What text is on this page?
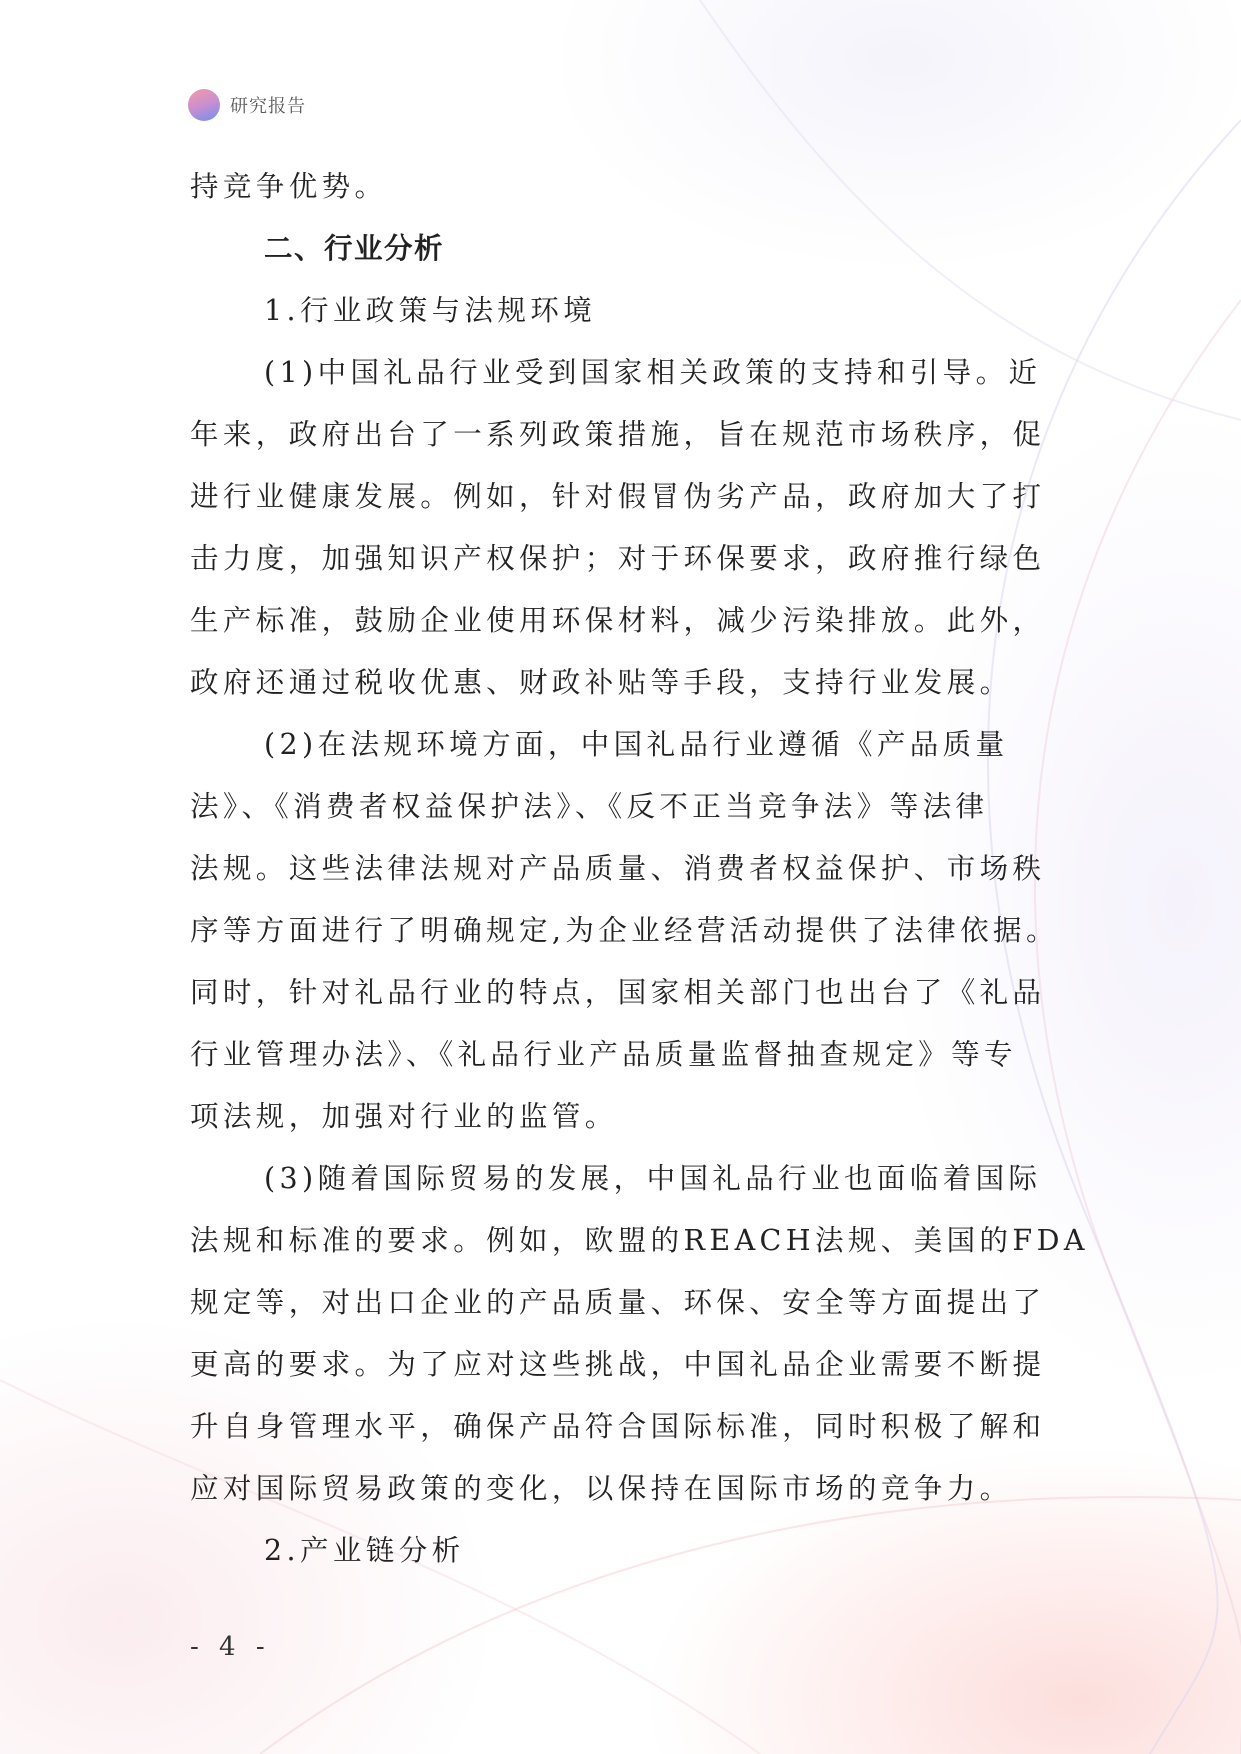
研究报告
持竞争优势。
二、行业分析
1.行业政策与法规环境
(1)中国礼品行业受到国家相关政策的支持和引导。近
年来，政府出台了一系列政策措施，旨在规范市场秩序，促
进行业健康发展。例如，针对假冒伪劣产品，政府加大了打
击力度，加强知识产权保护；对于环保要求，政府推行绿色
生产标准，鼓励企业使用环保材料，减少污染排放。此外，
政府还通过税收优惠、财政补贴等手段，支持行业发展。
(2)在法规环境方面，中国礼品行业遵循《产品质量
法》、《消费者权益保护法》、《反不正当竞争法》等法律
法规。这些法律法规对产品质量、消费者权益保护、市场秩
序等方面进行了明确规定,为企业经营活动提供了法律依据。
同时，针对礼品行业的特点，国家相关部门也出台了《礼品
行业管理办法》、《礼品行业产品质量监督抽查规定》等专
项法规，加强对行业的监管。
(3)随着国际贸易的发展，中国礼品行业也面临着国际
法规和标准的要求。例如，欧盟的REACH法规、美国的FDA
规定等，对出口企业的产品质量、环保、安全等方面提出了
更高的要求。为了应对这些挑战，中国礼品企业需要不断提
升自身管理水平，确保产品符合国际标准，同时积极了解和
应对国际贸易政策的变化，以保持在国际市场的竞争力。
2.产业链分析
- 4 -
